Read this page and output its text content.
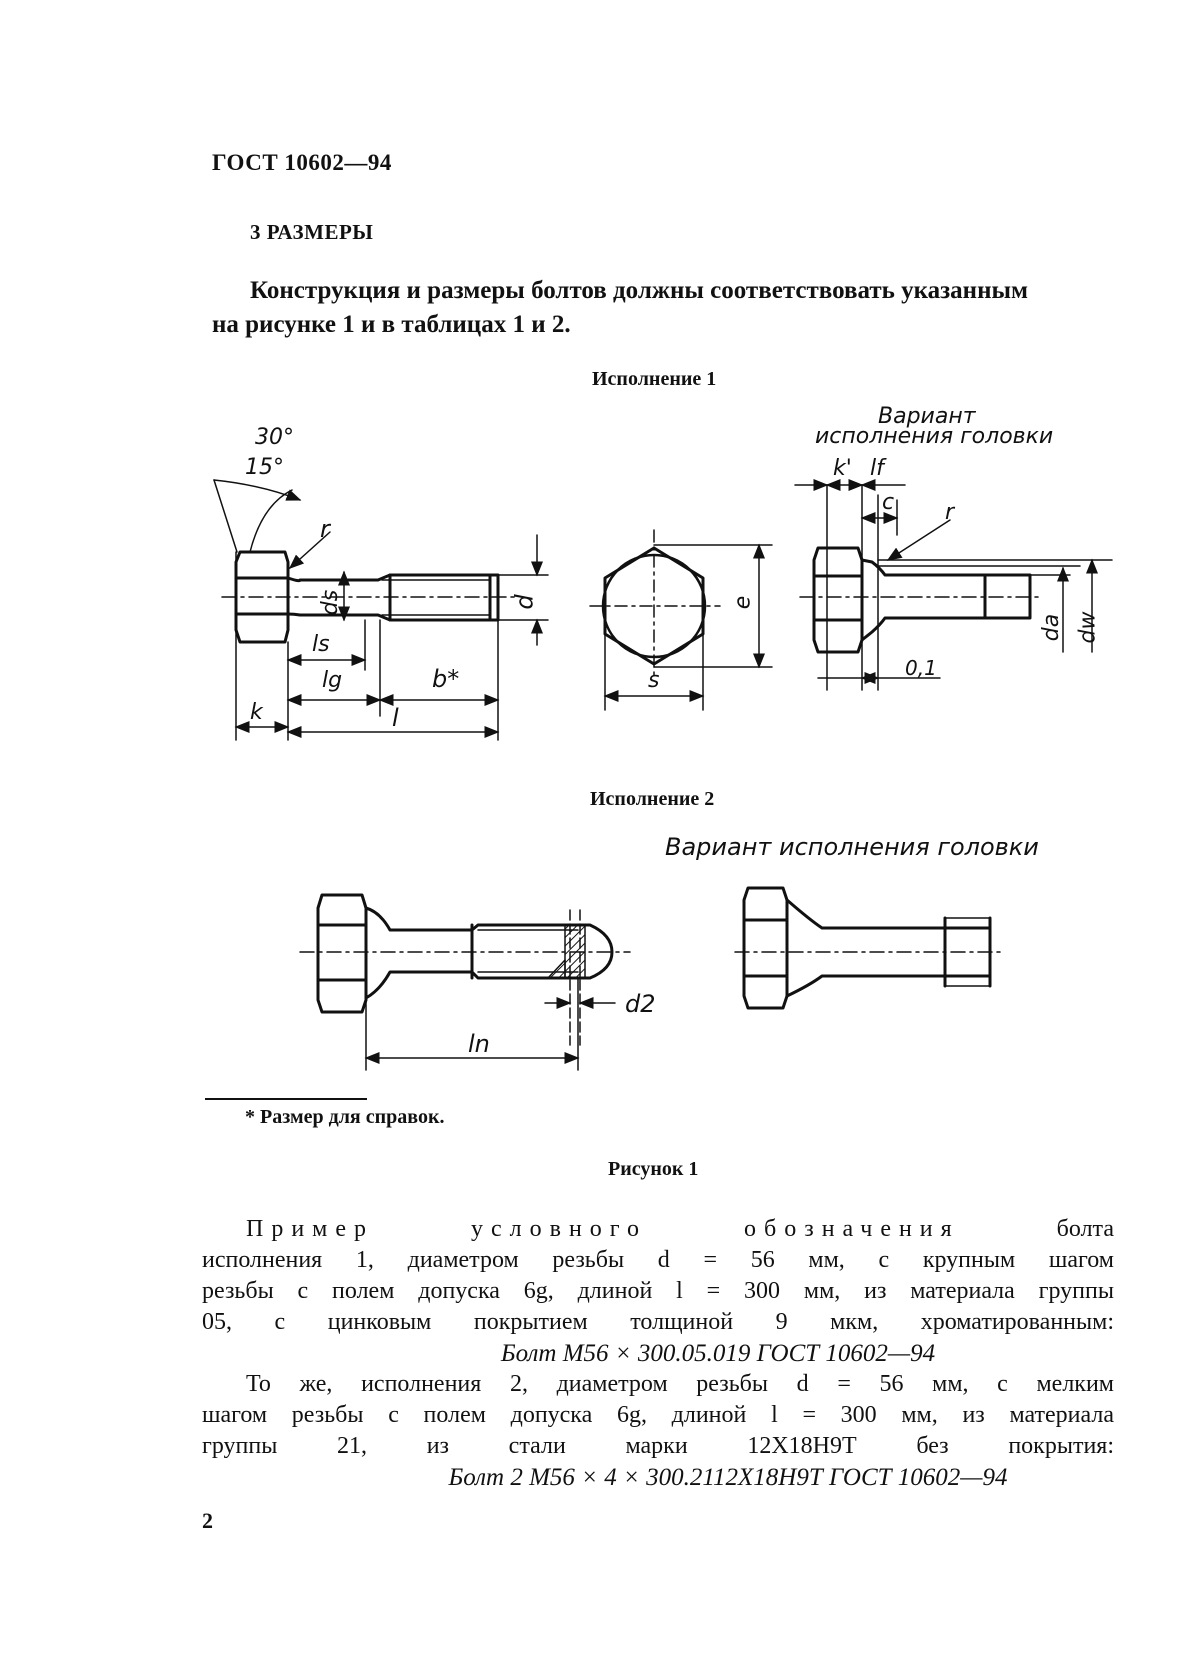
ГОСТ 10602—94
3 РАЗМЕРЫ
Конструкция и размеры болтов должны соответствовать указанным
на рисунке 1 и в таблицах 1 и 2.
Исполнение 1
Исполнение 2
30°
15°
r
ds	d
ls
lg	b*
k	l
e
s
Вариант
исполнения головки
k' lf
c r
da dw
0,1
Вариант исполнения головки
d2
ln
* Размер для справок.
Рисунок 1
Пример	условного	обозначения	болта

исполнения 1, диаметром резьбы d = 56 мм, с крупным шагом

резьбы с полем допуска 6g, длиной l = 300 мм, из материала группы

05, с цинковым покрытием толщиной 9 мкм, хроматированным:

Болт М56 × 300.05.019 ГОСТ 10602—94

То же, исполнения 2, диаметром резьбы d = 56 мм, с мелким

шагом резьбы с полем допуска 6g, длиной l = 300 мм, из материала

группы 21, из стали марки 12Х18Н9Т без покрытия:

Болт 2 М56 × 4 × 300.2112Х18Н9Т ГОСТ 10602—94

2
